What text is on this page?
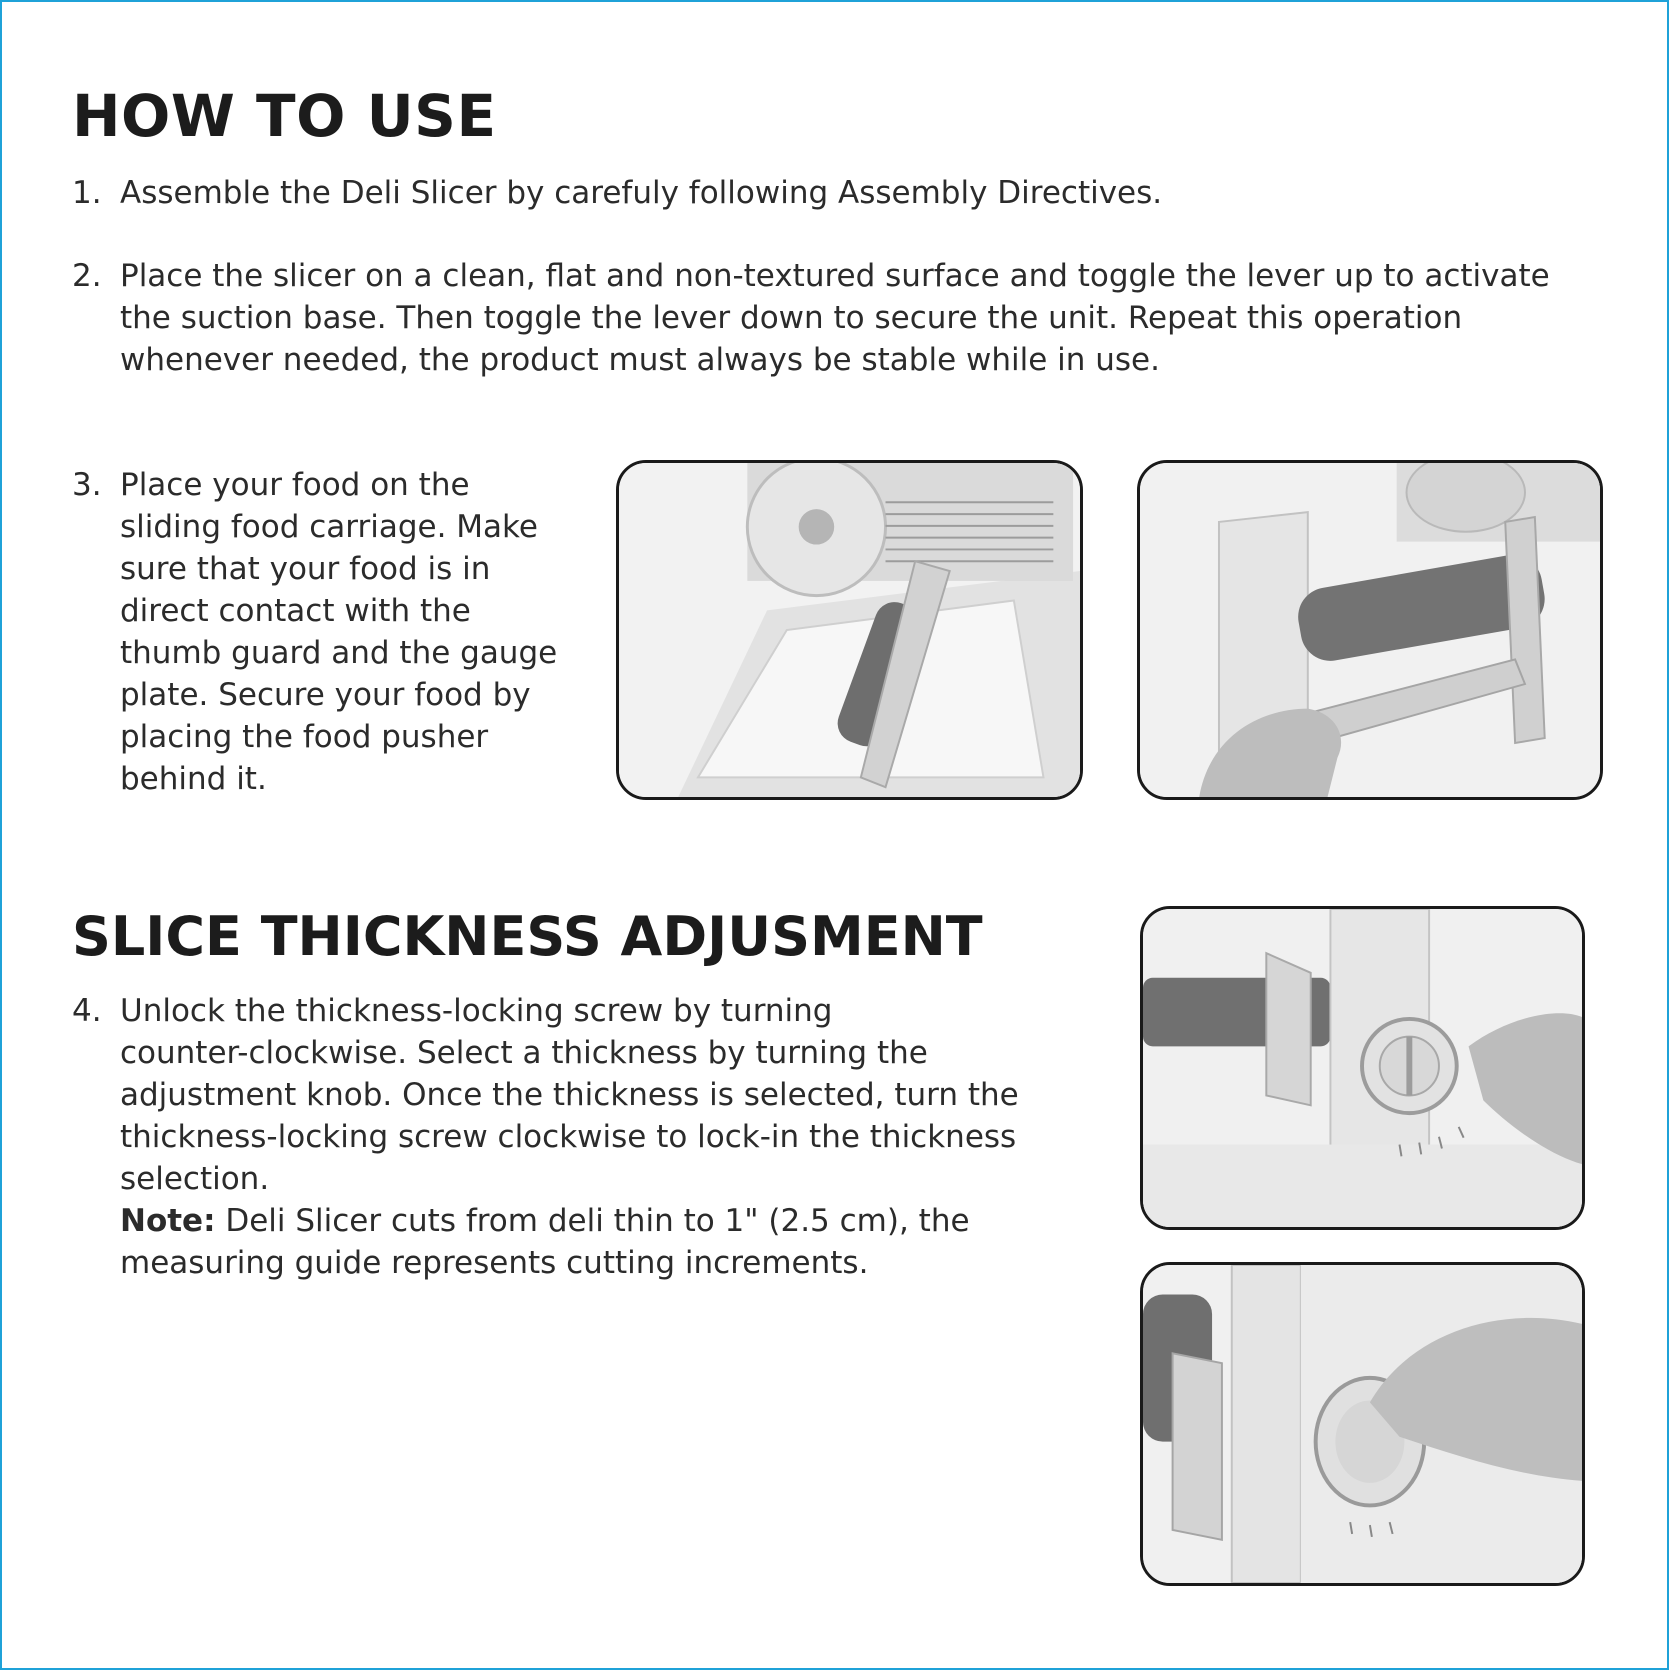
HOW TO USE
1. Assemble the Deli Slicer by carefuly following Assembly Directives.
2. Place the slicer on a clean, flat and non-textured surface and toggle the lever up to activate
the suction base. Then toggle the lever down to secure the unit. Repeat this operation
whenever needed, the product must always be stable while in use.
3. Place your food on the
sliding food carriage. Make
sure that your food is in
direct contact with the
thumb guard and the gauge
plate. Secure your food by
placing the food pusher
behind it.
SLICE THICKNESS ADJUSMENT
4. Unlock the thickness-locking screw by turning
counter-clockwise. Select a thickness by turning the
adjustment knob. Once the thickness is selected, turn the
thickness-locking screw clockwise to lock-in the thickness
selection.
Note: Deli Slicer cuts from deli thin to 1" (2.5 cm), the
measuring guide represents cutting increments.
